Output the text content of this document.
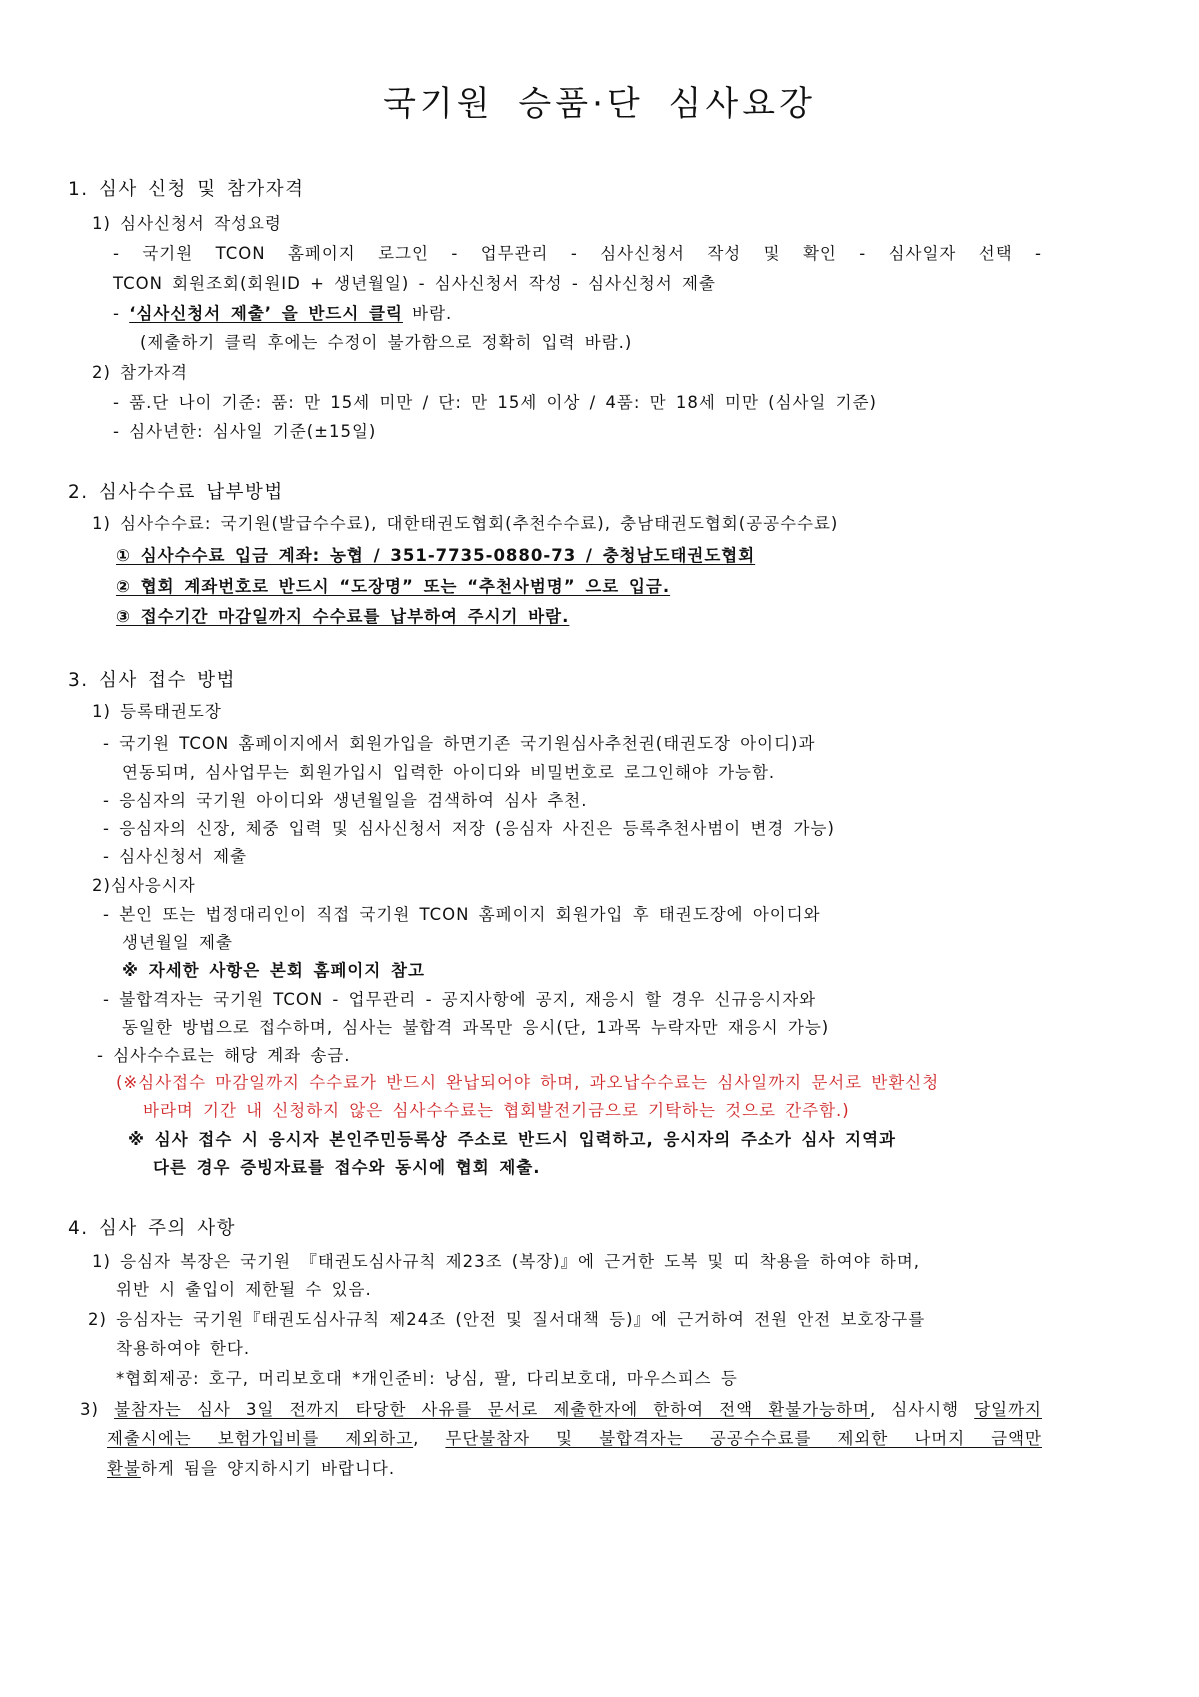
국기원 승품·단 심사요강
1. 심사 신청 및 참가자격
1) 심사신청서 작성요령
- 국기원 TCON 홈페이지 로그인 - 업무관리 - 심사신청서 작성 및 확인 - 심사일자 선택 -
TCON 회원조회(회원ID + 생년월일) - 심사신청서 작성 - 심사신청서 제출
- ‘심사신청서 제출’ 을 반드시 클릭 바람.
(제출하기 클릭 후에는 수정이 불가함으로 정확히 입력 바람.)
2) 참가자격
- 품.단 나이 기준: 품: 만 15세 미만 / 단: 만 15세 이상 / 4품: 만 18세 미만 (심사일 기준)
- 심사년한: 심사일 기준(±15일)
2. 심사수수료 납부방법
1) 심사수수료: 국기원(발급수수료), 대한태권도협회(추천수수료), 충남태권도협회(공공수수료)
① 심사수수료 입금 계좌: 농협 / 351-7735-0880-73 / 충청남도태권도협회
② 협회 계좌번호로 반드시 “도장명” 또는 “추천사범명” 으로 입금.
③ 접수기간 마감일까지 수수료를 납부하여 주시기 바람.
3. 심사 접수 방법
1) 등록태권도장
- 국기원 TCON 홈페이지에서 회원가입을 하면기존 국기원심사추천권(태권도장 아이디)과
연동되며, 심사업무는 회원가입시 입력한 아이디와 비밀번호로 로그인해야 가능함.
- 응심자의 국기원 아이디와 생년월일을 검색하여 심사 추천.
- 응심자의 신장, 체중 입력 및 심사신청서 저장 (응심자 사진은 등록추천사범이 변경 가능)
- 심사신청서 제출
2)심사응시자
- 본인 또는 법정대리인이 직접 국기원 TCON 홈페이지 회원가입 후 태권도장에 아이디와
생년월일 제출
※ 자세한 사항은 본회 홈페이지 참고
- 불합격자는 국기원 TCON - 업무관리 - 공지사항에 공지, 재응시 할 경우 신규응시자와
동일한 방법으로 접수하며, 심사는 불합격 과목만 응시(단, 1과목 누락자만 재응시 가능)
- 심사수수료는 해당 계좌 송금.
(※심사접수 마감일까지 수수료가 반드시 완납되어야 하며, 과오납수수료는 심사일까지 문서로 반환신청
바라며 기간 내 신청하지 않은 심사수수료는 협회발전기금으로 기탁하는 것으로 간주함.)
※ 심사 접수 시 응시자 본인주민등록상 주소로 반드시 입력하고, 응시자의 주소가 심사 지역과
다른 경우 증빙자료를 접수와 동시에 협회 제출.
4. 심사 주의 사항
1) 응심자 복장은 국기원 『태권도심사규칙 제23조 (복장)』에 근거한 도복 및 띠 착용을 하여야 하며,
위반 시 출입이 제한될 수 있음.
2) 응심자는 국기원『태권도심사규칙 제24조 (안전 및 질서대책 등)』에 근거하여 전원 안전 보호장구를
착용하여야 한다.
*협회제공: 호구, 머리보호대 *개인준비: 낭심, 팔, 다리보호대, 마우스피스 등
3) 불참자는 심사 3일 전까지 타당한 사유를 문서로 제출한자에 한하여 전액 환불가능하며, 심사시행 당일까지
제출시에는 보험가입비를 제외하고, 무단불참자 및 불합격자는 공공수수료를 제외한 나머지 금액만
환불하게 됨을 양지하시기 바랍니다.
